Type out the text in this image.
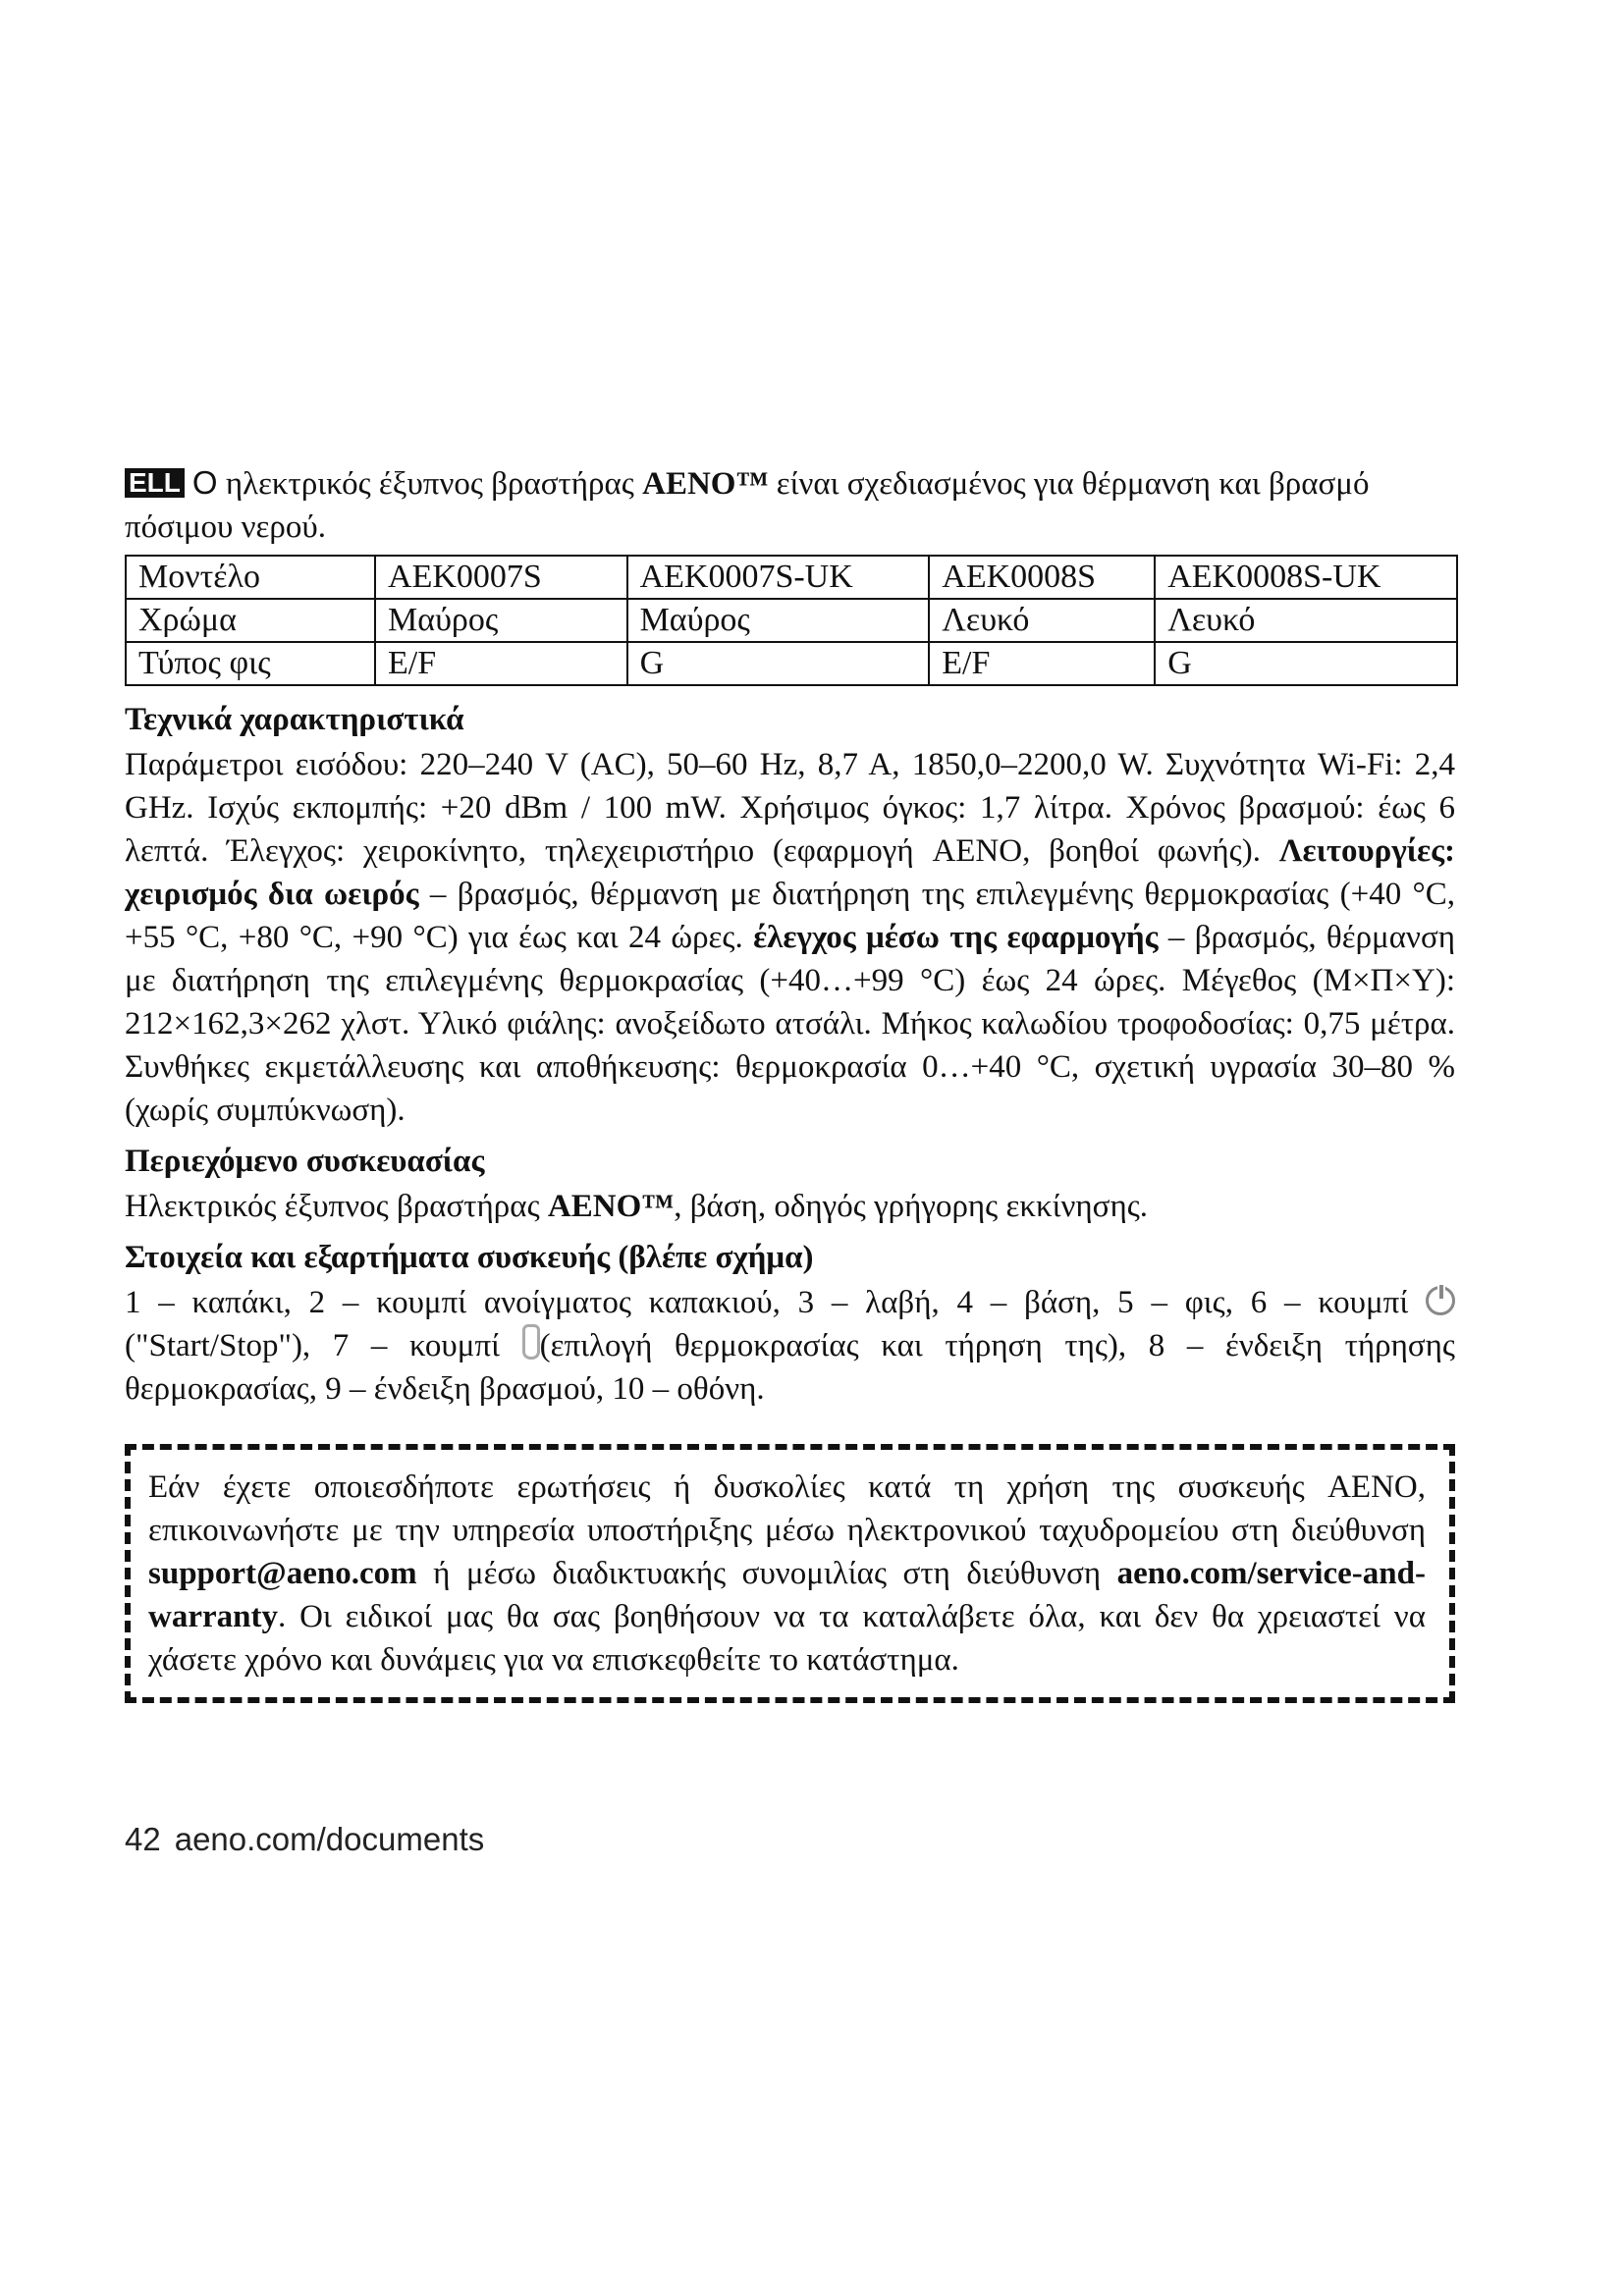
ELL О ηλεκτρικός έξυπνος βραστήρας AENO™ είναι σχεδιασμένος για θέρμανση και βρασμό πόσιμου νερού.

Μοντέλο	AEK0007S	AEK0007S-UK	AEK0008S	AEK0008S-UK
Χρώμα	Μαύρος	Μαύρος	Λευκό	Λευκό
Τύπος φις	E/F	G	E/F	G
Τεχνικά χαρακτηριστικά

Παράμετροι εισόδου: 220–240 V (AC), 50–60 Hz, 8,7 A, 1850,0–2200,0 W. Συχνότητα Wi-Fi: 2,4 GHz. Ισχύς εκπομπής: +20 dBm / 100 mW. Χρήσιμος όγκος: 1,7 λίτρα. Χρόνος βρασμού: έως 6 λεπτά. Έλεγχος: χειροκίνητο, τηλεχειριστήριο (εφαρμογή AENO, βοηθοί φωνής). Λειτουργίες: χειρισμός δια ωειρός – βρασμός, θέρμανση με διατήρηση της επιλεγμένης θερμοκρασίας (+40 °C, +55 °C, +80 °C, +90 °C) για έως και 24 ώρες. έλεγχος μέσω της εφαρμογής – βρασμός, θέρμανση με διατήρηση της επιλεγμένης θερμοκρασίας (+40…+99 °C) έως 24 ώρες. Μέγεθος (Μ×Π×Υ): 212×162,3×262 χλστ. Υλικό φιάλης: ανοξείδωτο ατσάλι. Μήκος καλωδίου τροφοδοσίας: 0,75 μέτρα. Συνθήκες εκμετάλλευσης και αποθήκευσης: θερμοκρασία 0…+40 °C, σχετική υγρασία 30–80 % (χωρίς συμπύκνωση).

Περιεχόμενο συσκευασίας

Ηλεκτρικός έξυπνος βραστήρας AENO™, βάση, οδηγός γρήγορης εκκίνησης.

Στοιχεία και εξαρτήματα συσκευής (βλέπε σχήμα)

1 – καπάκι, 2 – κουμπί ανοίγματος καπακιού, 3 – λαβή, 4 – βάση, 5 – φις, 6 – κουμπί  ("Start/Stop"), 7 – κουμπί (επιλογή θερμοκρασίας και τήρηση της), 8 – ένδειξη τήρησης θερμοκρασίας, 9 – ένδειξη βρασμού, 10 – οθόνη.

Εάν έχετε οποιεσδήποτε ερωτήσεις ή δυσκολίες κατά τη χρήση της συσκευής AENO, επικοινωνήστε με την υπηρεσία υποστήριξης μέσω ηλεκτρονικού ταχυδρομείου στη διεύθυνση support@aeno.com ή μέσω διαδικτυακής συνομιλίας στη διεύθυνση aeno.com/service-and-warranty. Οι ειδικοί μας θα σας βοηθήσουν να τα καταλάβετε όλα, και δεν θα χρειαστεί να χάσετε χρόνο και δυνάμεις για να επισκεφθείτε το κατάστημα.
42 aeno.com/documents
